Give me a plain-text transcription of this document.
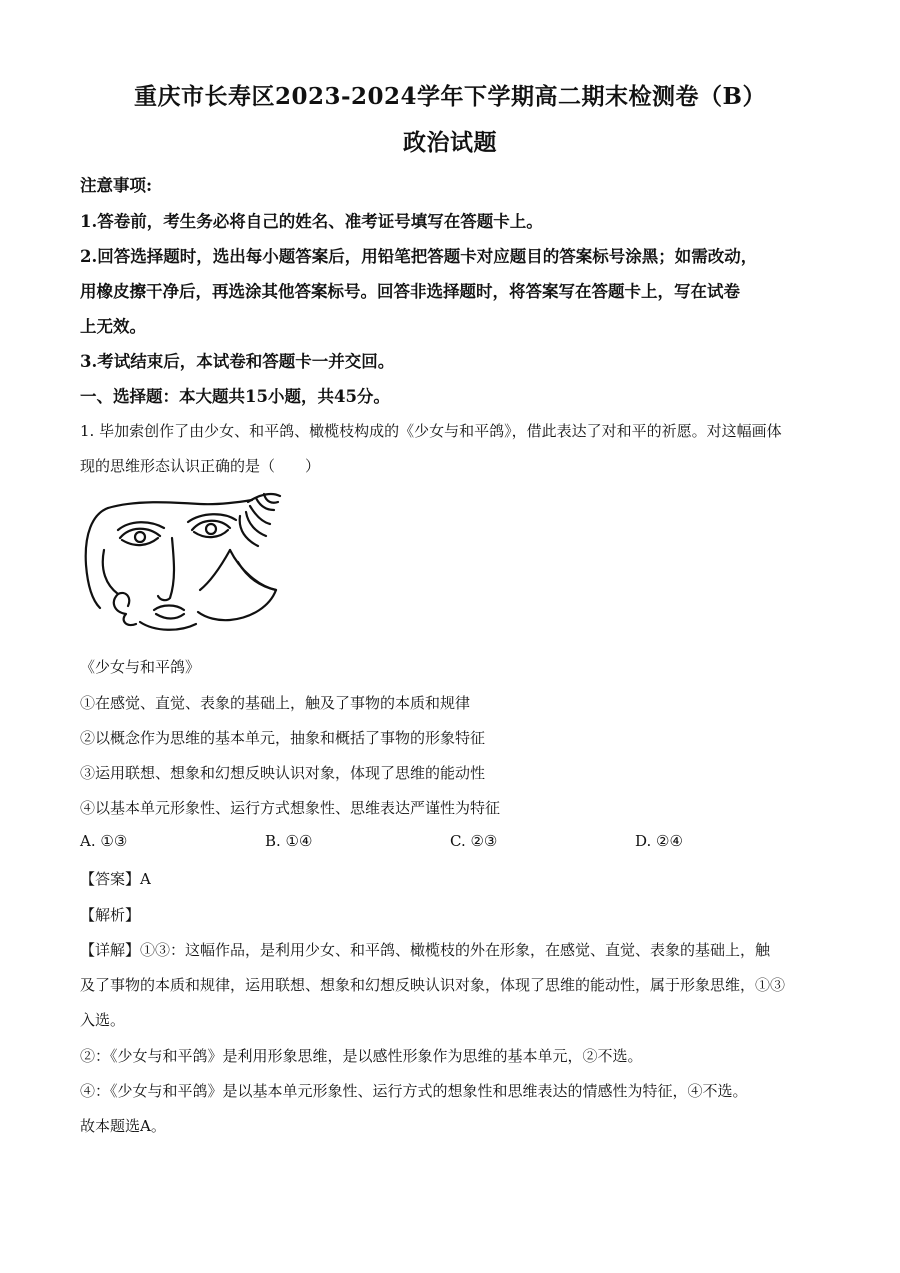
重庆市长寿区2023-2024学年下学期高二期末检测卷（B）
政治试题
注意事项:
1.答卷前，考生务必将自己的姓名、准考证号填写在答题卡上。
2.回答选择题时，选出每小题答案后，用铅笔把答题卡对应题目的答案标号涂黑；如需改动，
用橡皮擦干净后，再选涂其他答案标号。回答非选择题时，将答案写在答题卡上，写在试卷
上无效。
3.考试结束后，本试卷和答题卡一并交回。
一、选择题：本大题共15小题，共45分。
1. 毕加索创作了由少女、和平鸽、橄榄枝构成的《少女与和平鸽》，借此表达了对和平的祈愿。对这幅画体
现的思维形态认识正确的是（　　）
《少女与和平鸽》
①在感觉、直觉、表象的基础上，触及了事物的本质和规律
②以概念作为思维的基本单元，抽象和概括了事物的形象特征
③运用联想、想象和幻想反映认识对象，体现了思维的能动性
④以基本单元形象性、运行方式想象性、思维表达严谨性为特征
A. ①③	B. ①④	C. ②③	D. ②④
【答案】A
【解析】
【详解】①③：这幅作品，是利用少女、和平鸽、橄榄枝的外在形象，在感觉、直觉、表象的基础上，触
及了事物的本质和规律，运用联想、想象和幻想反映认识对象，体现了思维的能动性，属于形象思维，①③
入选。
②：《少女与和平鸽》是利用形象思维，是以感性形象作为思维的基本单元，②不选。
④：《少女与和平鸽》是以基本单元形象性、运行方式的想象性和思维表达的情感性为特征，④不选。
故本题选A。
